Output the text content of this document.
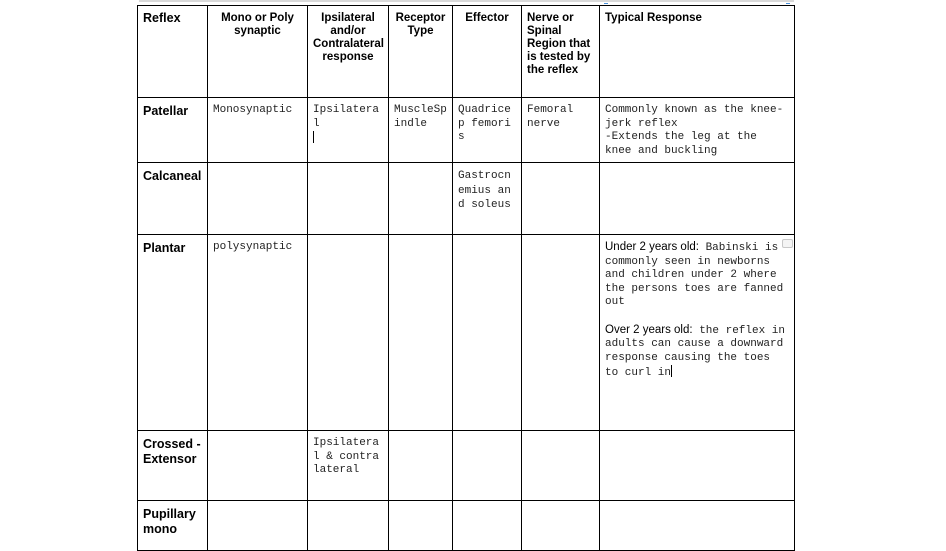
Reflex	Mono or Poly synaptic	Ipsilateral and/or Contralateral response	Receptor Type	Effector	Nerve or Spinal Region that is tested by the reflex	Typical Response
Patellar	Monosynaptic	Ipsilateral	MuscleSpindle	Quadricep femoris	Femoral nerve	Commonly known as the knee-jerk reflex
-Extends the leg at the knee and buckling

Calcaneal				Gastrocnemius and soleus		
Plantar	polysynaptic					Under 2 years old: Babinski is commonly seen in newborns and children under 2 where the persons toes are fanned out
Over 2 years old: the reflex in adults can cause a downward response causing the toes to curl in

Crossed -Extensor		Ipsilateral & contralateral				
Pupillary mono						
